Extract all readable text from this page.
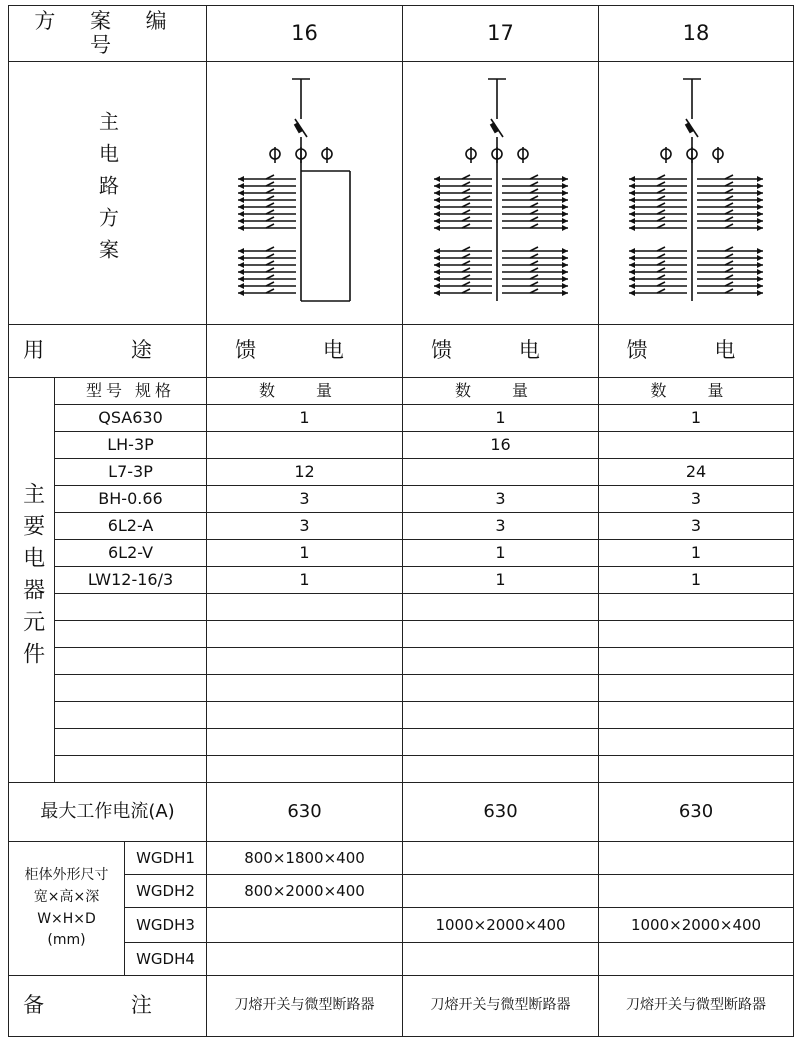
方 案 编 号			16	17	18
主电路方案	

用 途			馈 电	馈 电	馈 电
主要电器元件	型号 规格		数 量	数 量	数 量
	QSA630		1	1	1
	LH-3P			16	
	L7-3P		12		24
	BH-0.66		3	3	3
	6L2-A		3	3	3
	6L2-V		1	1	1
	LW12-16/3		1	1	1

最大工作电流(A)			630	630	630

柜体外形尺寸
宽×高×深
W×H×D
(mm)		WGDH1	800×1800×400		
		WGDH2	800×2000×400		
		WGDH3		1000×2000×400	1000×2000×400
		WGDH4			
备 注			刀熔开关与微型断路器	刀熔开关与微型断路器	刀熔开关与微型断路器
